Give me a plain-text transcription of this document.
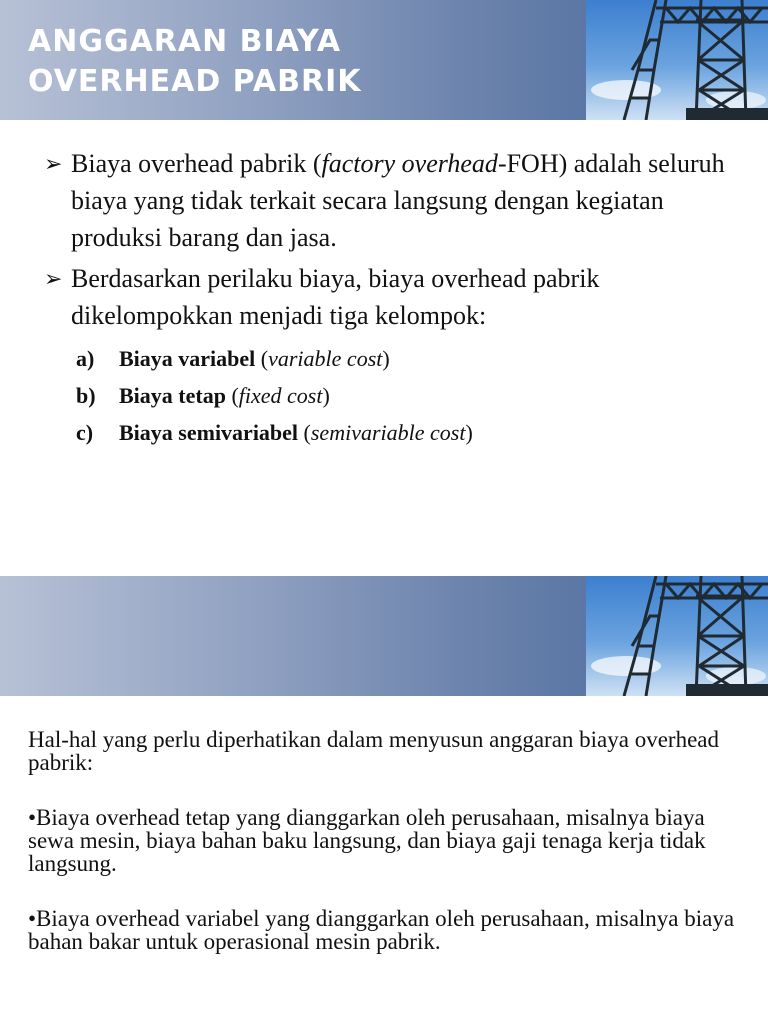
ANGGARAN BIAYA
OVERHEAD PABRIK
➢ Biaya overhead pabrik (factory overhead-FOH) adalah seluruh biaya yang tidak terkait secara langsung dengan kegiatan produksi barang dan jasa.
➢ Berdasarkan perilaku biaya, biaya overhead pabrik dikelompokkan menjadi tiga kelompok:
a)	Biaya variabel (variable cost)
b)	Biaya tetap (fixed cost)
c)	Biaya semivariabel (semivariable cost)

Hal-hal yang perlu diperhatikan dalam menyusun anggaran biaya overhead pabrik:

•Biaya overhead tetap yang dianggarkan oleh perusahaan, misalnya biaya sewa mesin, biaya bahan baku langsung, dan biaya gaji tenaga kerja tidak langsung.

•Biaya overhead variabel yang dianggarkan oleh perusahaan, misalnya biaya bahan bakar untuk operasional mesin pabrik.
